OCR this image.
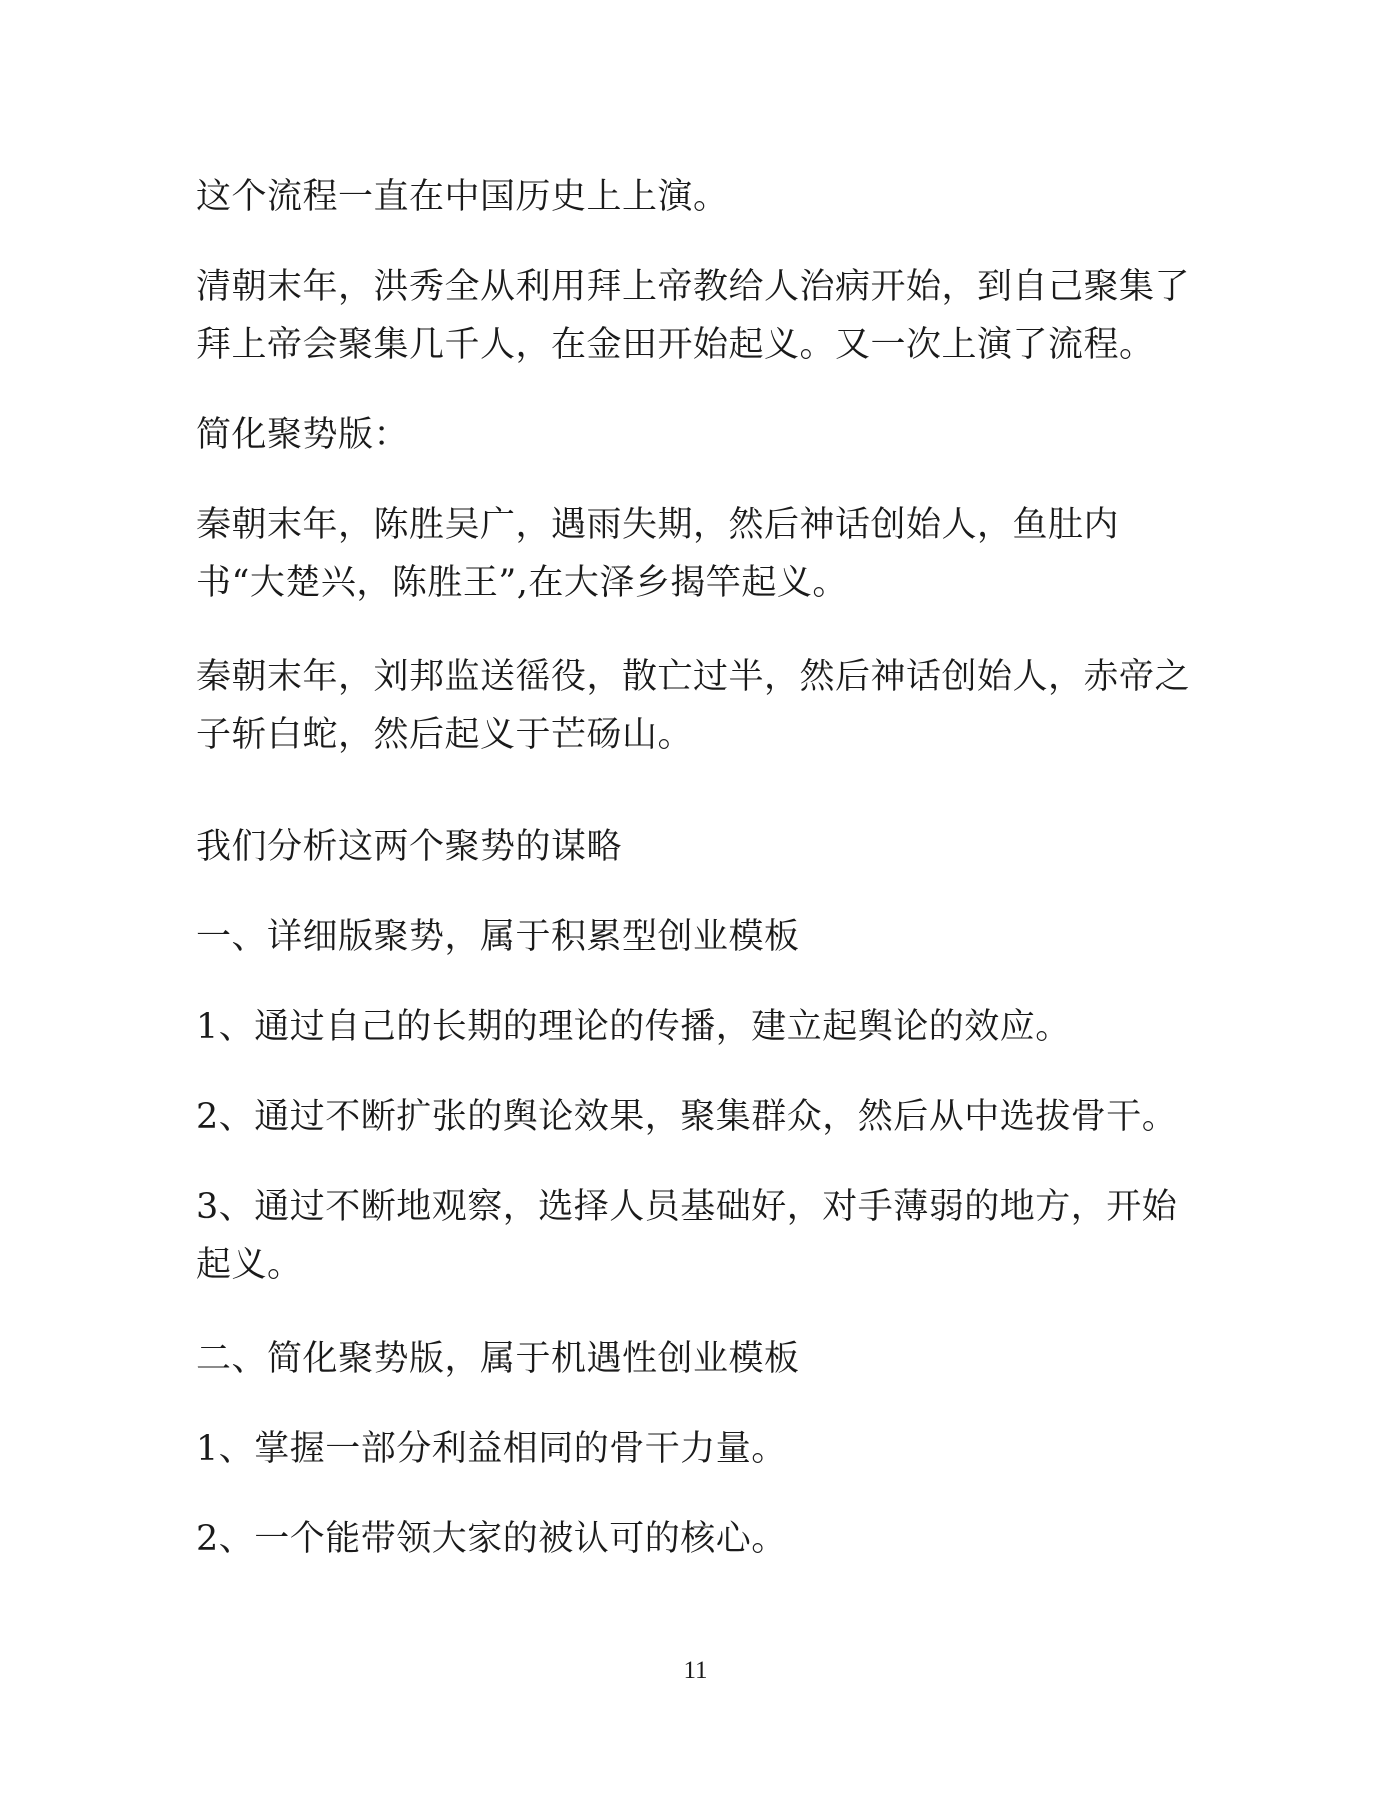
这个流程一直在中国历史上上演。

清朝末年，洪秀全从利用拜上帝教给人治病开始，到自己聚集了
拜上帝会聚集几千人，在金田开始起义。又一次上演了流程。

简化聚势版：

秦朝末年，陈胜吴广，遇雨失期，然后神话创始人，鱼肚内
书“大楚兴，陈胜王”,在大泽乡揭竿起义。

秦朝末年，刘邦监送徭役，散亡过半，然后神话创始人，赤帝之
子斩白蛇，然后起义于芒砀山。

我们分析这两个聚势的谋略

一、详细版聚势，属于积累型创业模板

1、通过自己的长期的理论的传播，建立起舆论的效应。

2、通过不断扩张的舆论效果，聚集群众，然后从中选拔骨干。

3、通过不断地观察，选择人员基础好，对手薄弱的地方，开始
起义。

二、简化聚势版，属于机遇性创业模板

1、掌握一部分利益相同的骨干力量。

2、一个能带领大家的被认可的核心。

11
